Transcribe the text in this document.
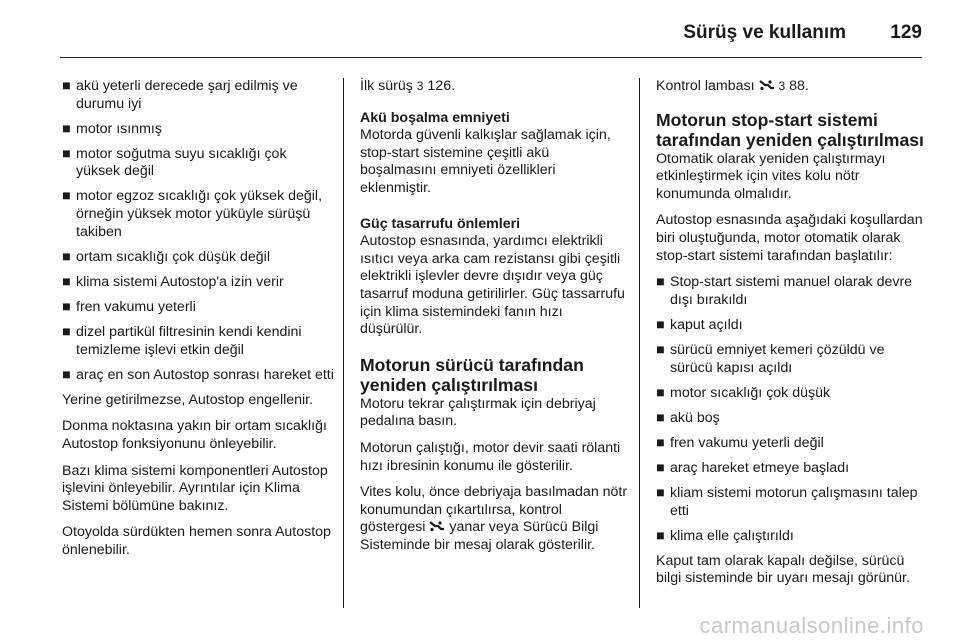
Sürüş ve kullanım 129
■ akü yeterli derecede şarj edilmiş ve durumu iyi
■ motor ısınmış
■ motor soğutma suyu sıcaklığı çok yüksek değil
■ motor egzoz sıcaklığı çok yüksek değil, örneğin yüksek motor yüküyle sürüşü takiben
■ ortam sıcaklığı çok düşük değil
■ klima sistemi Autostop'a izin verir
■ fren vakumu yeterli
■ dizel partikül filtresinin kendi kendini temizleme işlevi etkin değil
■ araç en son Autostop sonrası hareket etti

Yerine getirilmezse, Autostop engellenir.

Donma noktasına yakın bir ortam sıcaklığı Autostop fonksiyonunu önleyebilir.

Bazı klima sistemi komponentleri Autostop işlevini önleyebilir. Ayrıntılar için Klima Sistemi bölümüne bakınız.

Otoyolda sürdükten hemen sonra Autostop önlenebilir.

İlk sürüş 3 126.

Akü boşalma emniyeti

Motorda güvenli kalkışlar sağlamak için, stop-start sistemine çeşitli akü boşalmasını emniyeti özellikleri eklenmiştir.

Güç tasarrufu önlemleri

Autostop esnasında, yardımcı elektrikli ısıtıcı veya arka cam rezistansı gibi çeşitli elektrikli işlevler devre dışıdır veya güç tasarruf moduna getirilirler. Güç tassarrufu için klima sistemindeki fanın hızı düşürülür.

Motorun sürücü tarafından yeniden çalıştırılması

Motoru tekrar çalıştırmak için debriyaj pedalına basın.

Motorun çalıştığı, motor devir saati rölanti hızı ibresinin konumu ile gösterilir.

Vites kolu, önce debriyaja basılmadan nötr konumundan çıkartılırsa, kontrol göstergesi yanar veya Sürücü Bilgi Sisteminde bir mesaj olarak gösterilir.

Kontrol lambası 3 88.

Motorun stop-start sistemi tarafından yeniden çalıştırılması

Otomatik olarak yeniden çalıştırmayı etkinleştirmek için vites kolu nötr konumunda olmalıdır.

Autostop esnasında aşağıdaki koşullardan biri oluştuğunda, motor otomatik olarak stop-start sistemi tarafından başlatılır:

■ Stop-start sistemi manuel olarak devre dışı bırakıldı
■ kaput açıldı
■ sürücü emniyet kemeri çözüldü ve sürücü kapısı açıldı
■ motor sıcaklığı çok düşük
■ akü boş
■ fren vakumu yeterli değil
■ araç hareket etmeye başladı
■ kliam sistemi motorun çalışmasını talep etti
■ klima elle çalıştırıldı

Kaput tam olarak kapalı değilse, sürücü bilgi sisteminde bir uyarı mesajı görünür.

carmanualsonline.info
